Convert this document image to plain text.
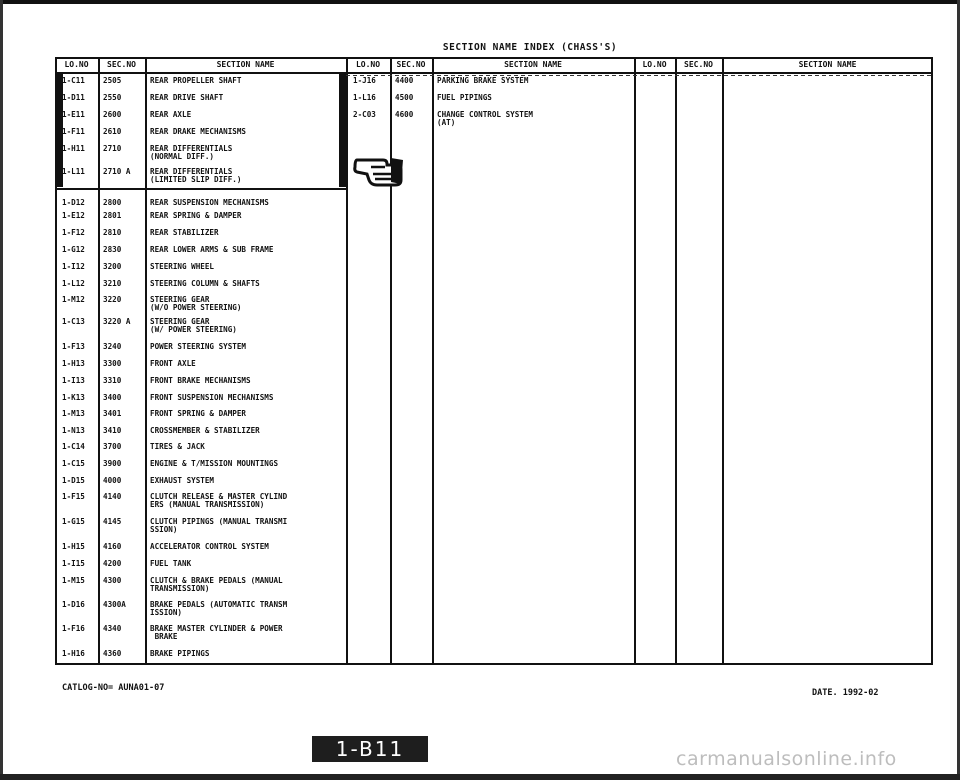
SECTION NAME INDEX (CHASS'S)
LO.NO	SEC.NO	SECTION NAME	LO.NO	SEC.NO	SECTION NAME	LO.NO	SEC.NO	SECTION NAME
1-C11 2505	REAR PROPELLER SHAFT
1-D11 2550	REAR DRIVE SHAFT
1-E11 2600	REAR AXLE
1-F11 2610	REAR DRAKE MECHANISMS
1-H11 2710	REAR DIFFERENTIALS
(NORMAL DIFF.)
1-L11 2710 A	REAR DIFFERENTIALS
(LIMITED SLIP DIFF.)
1-D12 2800	REAR SUSPENSION MECHANISMS
1-E12 2801	REAR SPRING & DAMPER
1-F12 2810	REAR STABILIZER
1-G12 2830	REAR LOWER ARMS & SUB FRAME
1-I12 3200	STEERING WHEEL
1-L12 3210	STEERING COLUMN & SHAFTS
1-M12 3220	STEERING GEAR
(W/O POWER STEERING)
1-C13 3220 A	STEERING GEAR
(W/ POWER STEERING)
1-F13 3240	POWER STEERING SYSTEM
1-H13 3300	FRONT AXLE
1-I13 3310	FRONT BRAKE MECHANISMS
1-K13 3400	FRONT SUSPENSION MECHANISMS
1-M13 3401	FRONT SPRING & DAMPER
1-N13 3410	CROSSMEMBER & STABILIZER
1-C14 3700	TIRES & JACK
1-C15 3900	ENGINE & T/MISSION MOUNTINGS
1-D15 4000	EXHAUST SYSTEM
1-F15 4140	CLUTCH RELEASE & MASTER CYLIND
ERS (MANUAL TRANSMISSION)
1-G15 4145	CLUTCH PIPINGS (MANUAL TRANSMI
SSION)
1-H15 4160	ACCELERATOR CONTROL SYSTEM
1-I15 4200	FUEL TANK
1-M15 4300	CLUTCH & BRAKE PEDALS (MANUAL
TRANSMISSION)
1-D16 4300A	BRAKE PEDALS (AUTOMATIC TRANSM
ISSION)
1-F16 4340	BRAKE MASTER CYLINDER & POWER
BRAKE
1-H16 4360	BRAKE PIPINGS
1-J16	4400	PARKING BRAKE SYSTEM
1-L16	4500	FUEL PIPINGS
2-C03	4600	CHANGE CONTROL SYSTEM
(AT)
CATLOG-NO= AUNA01-07	DATE. 1992-02
1-B11	carmanualsonline.info
